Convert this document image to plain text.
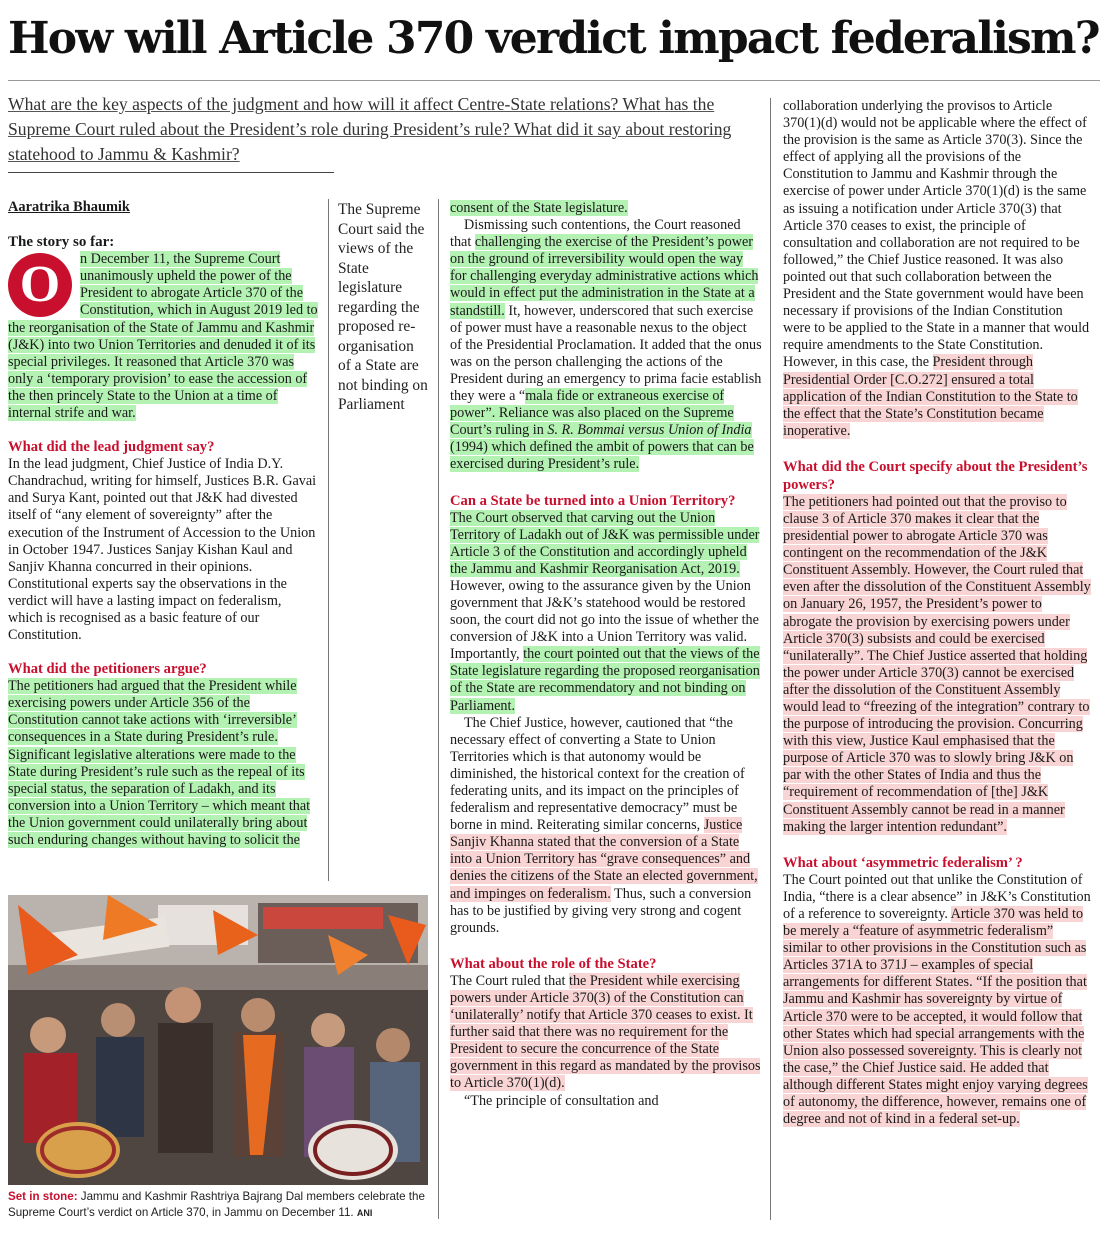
How will Article 370 verdict impact federalism?

What are the key aspects of the judgment and how will it affect Centre-State relations? What has the Supreme Court ruled about the President’s role during President’s rule? What did it say about restoring statehood to Jammu & Kashmir?

Aaratrika Bhaumik

The story so far:

O	n December 11, the Supreme Court unanimously upheld the power of the President to abrogate Article 370 of the Constitution, which in August 2019 led to the reorganisation of the State of Jammu and Kashmir (J&K) into two Union Territories and denuded it of its special privileges. It reasoned that Article 370 was only a ‘temporary provision’ to ease the accession of the then princely State to the Union at a time of internal strife and war.

What did the lead judgment say?

In the lead judgment, Chief Justice of India D.Y. Chandrachud, writing for himself, Justices B.R. Gavai and Surya Kant, pointed out that J&K had divested itself of “any element of sovereignty” after the execution of the Instrument of Accession to the Union in October 1947. Justices Sanjay Kishan Kaul and Sanjiv Khanna concurred in their opinions. Constitutional experts say the observations in the verdict will have a lasting impact on federalism, which is recognised as a basic feature of our Constitution.

What did the petitioners argue?

The petitioners had argued that the President while exercising powers under Article 356 of the Constitution cannot take actions with ‘irreversible’ consequences in a State during President’s rule. Significant legislative alterations were made to the State during President’s rule such as the repeal of its special status, the separation of Ladakh, and its conversion into a Union Territory – which meant that the Union government could unilaterally bring about such enduring changes without having to solicit the

The Supreme Court said the views of the State legislature regarding the proposed re-organisation of a State are not binding on Parliament

consent of the State legislature.

Dismissing such contentions, the Court reasoned that challenging the exercise of the President’s power on the ground of irreversibility would open the way for challenging everyday administrative actions which would in effect put the administration in the State at a standstill. It, however, underscored that such exercise of power must have a reasonable nexus to the object of the Presidential Proclamation. It added that the onus was on the person challenging the actions of the President during an emergency to prima facie establish they were a “mala fide or extraneous exercise of power”. Reliance was also placed on the Supreme Court’s ruling in S. R. Bommai versus Union of India (1994) which defined the ambit of powers that can be exercised during President’s rule.

Can a State be turned into a Union Territory?

The Court observed that carving out the Union Territory of Ladakh out of J&K was permissible under Article 3 of the Constitution and accordingly upheld the Jammu and Kashmir Reorganisation Act, 2019. However, owing to the assurance given by the Union government that J&K’s statehood would be restored soon, the court did not go into the issue of whether the conversion of J&K into a Union Territory was valid. Importantly, the court pointed out that the views of the State legislature regarding the proposed reorganisation of the State are recommendatory and not binding on Parliament.

The Chief Justice, however, cautioned that “the necessary effect of converting a State to Union Territories which is that autonomy would be diminished, the historical context for the creation of federating units, and its impact on the principles of federalism and representative democracy” must be borne in mind. Reiterating similar concerns, Justice Sanjiv Khanna stated that the conversion of a State into a Union Territory has “grave consequences” and denies the citizens of the State an elected government, and impinges on federalism. Thus, such a conversion has to be justified by giving very strong and cogent grounds.

What about the role of the State?

The Court ruled that the President while exercising powers under Article 370(3) of the Constitution can ‘unilaterally’ notify that Article 370 ceases to exist. It further said that there was no requirement for the President to secure the concurrence of the State government in this regard as mandated by the provisos to Article 370(1)(d).

“The principle of consultation and

collaboration underlying the provisos to Article 370(1)(d) would not be applicable where the effect of the provision is the same as Article 370(3). Since the effect of applying all the provisions of the Constitution to Jammu and Kashmir through the exercise of power under Article 370(1)(d) is the same as issuing a notification under Article 370(3) that Article 370 ceases to exist, the principle of consultation and collaboration are not required to be followed,” the Chief Justice reasoned. It was also pointed out that such collaboration between the President and the State government would have been necessary if provisions of the Indian Constitution were to be applied to the State in a manner that would require amendments to the State Constitution. However, in this case, the President through Presidential Order [C.O.272] ensured a total application of the Indian Constitution to the State to the effect that the State’s Constitution became inoperative.

What did the Court specify about the President’s powers?

The petitioners had pointed out that the proviso to clause 3 of Article 370 makes it clear that the presidential power to abrogate Article 370 was contingent on the recommendation of the J&K Constituent Assembly. However, the Court ruled that even after the dissolution of the Constituent Assembly on January 26, 1957, the President’s power to abrogate the provision by exercising powers under Article 370(3) subsists and could be exercised “unilaterally”. The Chief Justice asserted that holding the power under Article 370(3) cannot be exercised after the dissolution of the Constituent Assembly would lead to “freezing of the integration” contrary to the purpose of introducing the provision. Concurring with this view, Justice Kaul emphasised that the purpose of Article 370 was to slowly bring J&K on par with the other States of India and thus the “requirement of recommendation of [the] J&K Constituent Assembly cannot be read in a manner making the larger intention redundant”.

What about ‘asymmetric federalism’ ?

The Court pointed out that unlike the Constitution of India, “there is a clear absence” in J&K’s Constitution of a reference to sovereignty. Article 370 was held to be merely a “feature of asymmetric federalism” similar to other provisions in the Constitution such as Articles 371A to 371J – examples of special arrangements for different States. “If the position that Jammu and Kashmir has sovereignty by virtue of Article 370 were to be accepted, it would follow that other States which had special arrangements with the Union also possessed sovereignty. This is clearly not the case,” the Chief Justice said. He added that although different States might enjoy varying degrees of autonomy, the difference, however, remains one of degree and not of kind in a federal set-up.

Set in stone: Jammu and Kashmir Rashtriya Bajrang Dal members celebrate the Supreme Court’s verdict on Article 370, in Jammu on December 11. ANI
